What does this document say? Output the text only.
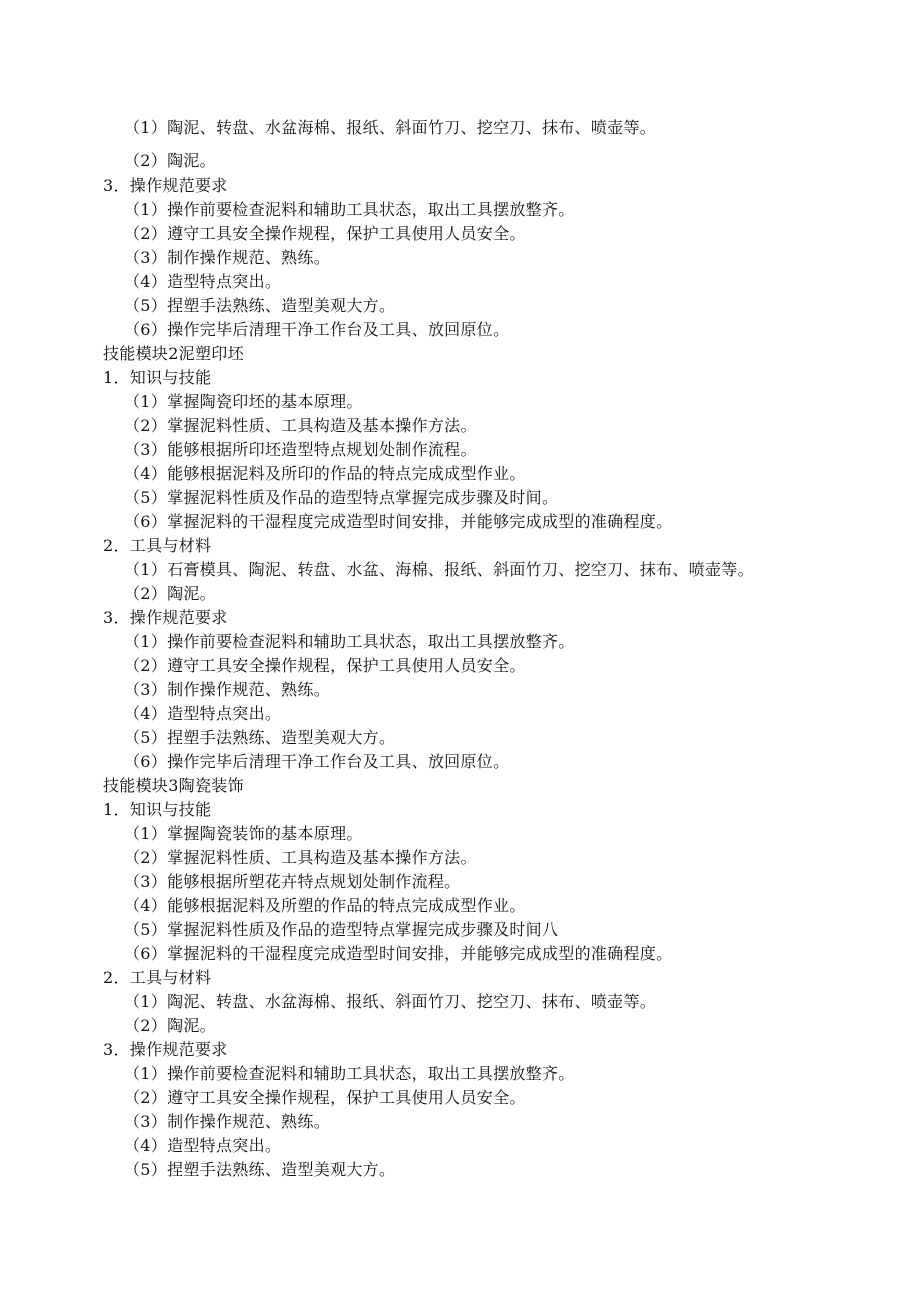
（1）陶泥、转盘、水盆海棉、报纸、斜面竹刀、挖空刀、抹布、喷壶等。
（2）陶泥。
3．操作规范要求
（1）操作前要检查泥料和辅助工具状态，取出工具摆放整齐。
（2）遵守工具安全操作规程，保护工具使用人员安全。
（3）制作操作规范、熟练。
（4）造型特点突出。
（5）捏塑手法熟练、造型美观大方。
（6）操作完毕后清理干净工作台及工具、放回原位。
技能模块2泥塑印坯
1．知识与技能
（1）掌握陶瓷印坯的基本原理。
（2）掌握泥料性质、工具构造及基本操作方法。
（3）能够根据所印坯造型特点规划处制作流程。
（4）能够根据泥料及所印的作品的特点完成成型作业。
（5）掌握泥料性质及作品的造型特点掌握完成步骤及时间。
（6）掌握泥料的干湿程度完成造型时间安排，并能够完成成型的准确程度。
2．工具与材料
（1）石膏模具、陶泥、转盘、水盆、海棉、报纸、斜面竹刀、挖空刀、抹布、喷壶等。
（2）陶泥。
3．操作规范要求
（1）操作前要检查泥料和辅助工具状态，取出工具摆放整齐。
（2）遵守工具安全操作规程，保护工具使用人员安全。
（3）制作操作规范、熟练。
（4）造型特点突出。
（5）捏塑手法熟练、造型美观大方。
（6）操作完毕后清理干净工作台及工具、放回原位。
技能模块3陶瓷装饰
1．知识与技能
（1）掌握陶瓷装饰的基本原理。
（2）掌握泥料性质、工具构造及基本操作方法。
（3）能够根据所塑花卉特点规划处制作流程。
（4）能够根据泥料及所塑的作品的特点完成成型作业。
（5）掌握泥料性质及作品的造型特点掌握完成步骤及时间八
（6）掌握泥料的干湿程度完成造型时间安排，并能够完成成型的准确程度。
2．工具与材料
（1）陶泥、转盘、水盆海棉、报纸、斜面竹刀、挖空刀、抹布、喷壶等。
（2）陶泥。
3．操作规范要求
（1）操作前要检查泥料和辅助工具状态，取出工具摆放整齐。
（2）遵守工具安全操作规程，保护工具使用人员安全。
（3）制作操作规范、熟练。
（4）造型特点突出。
（5）捏塑手法熟练、造型美观大方。
